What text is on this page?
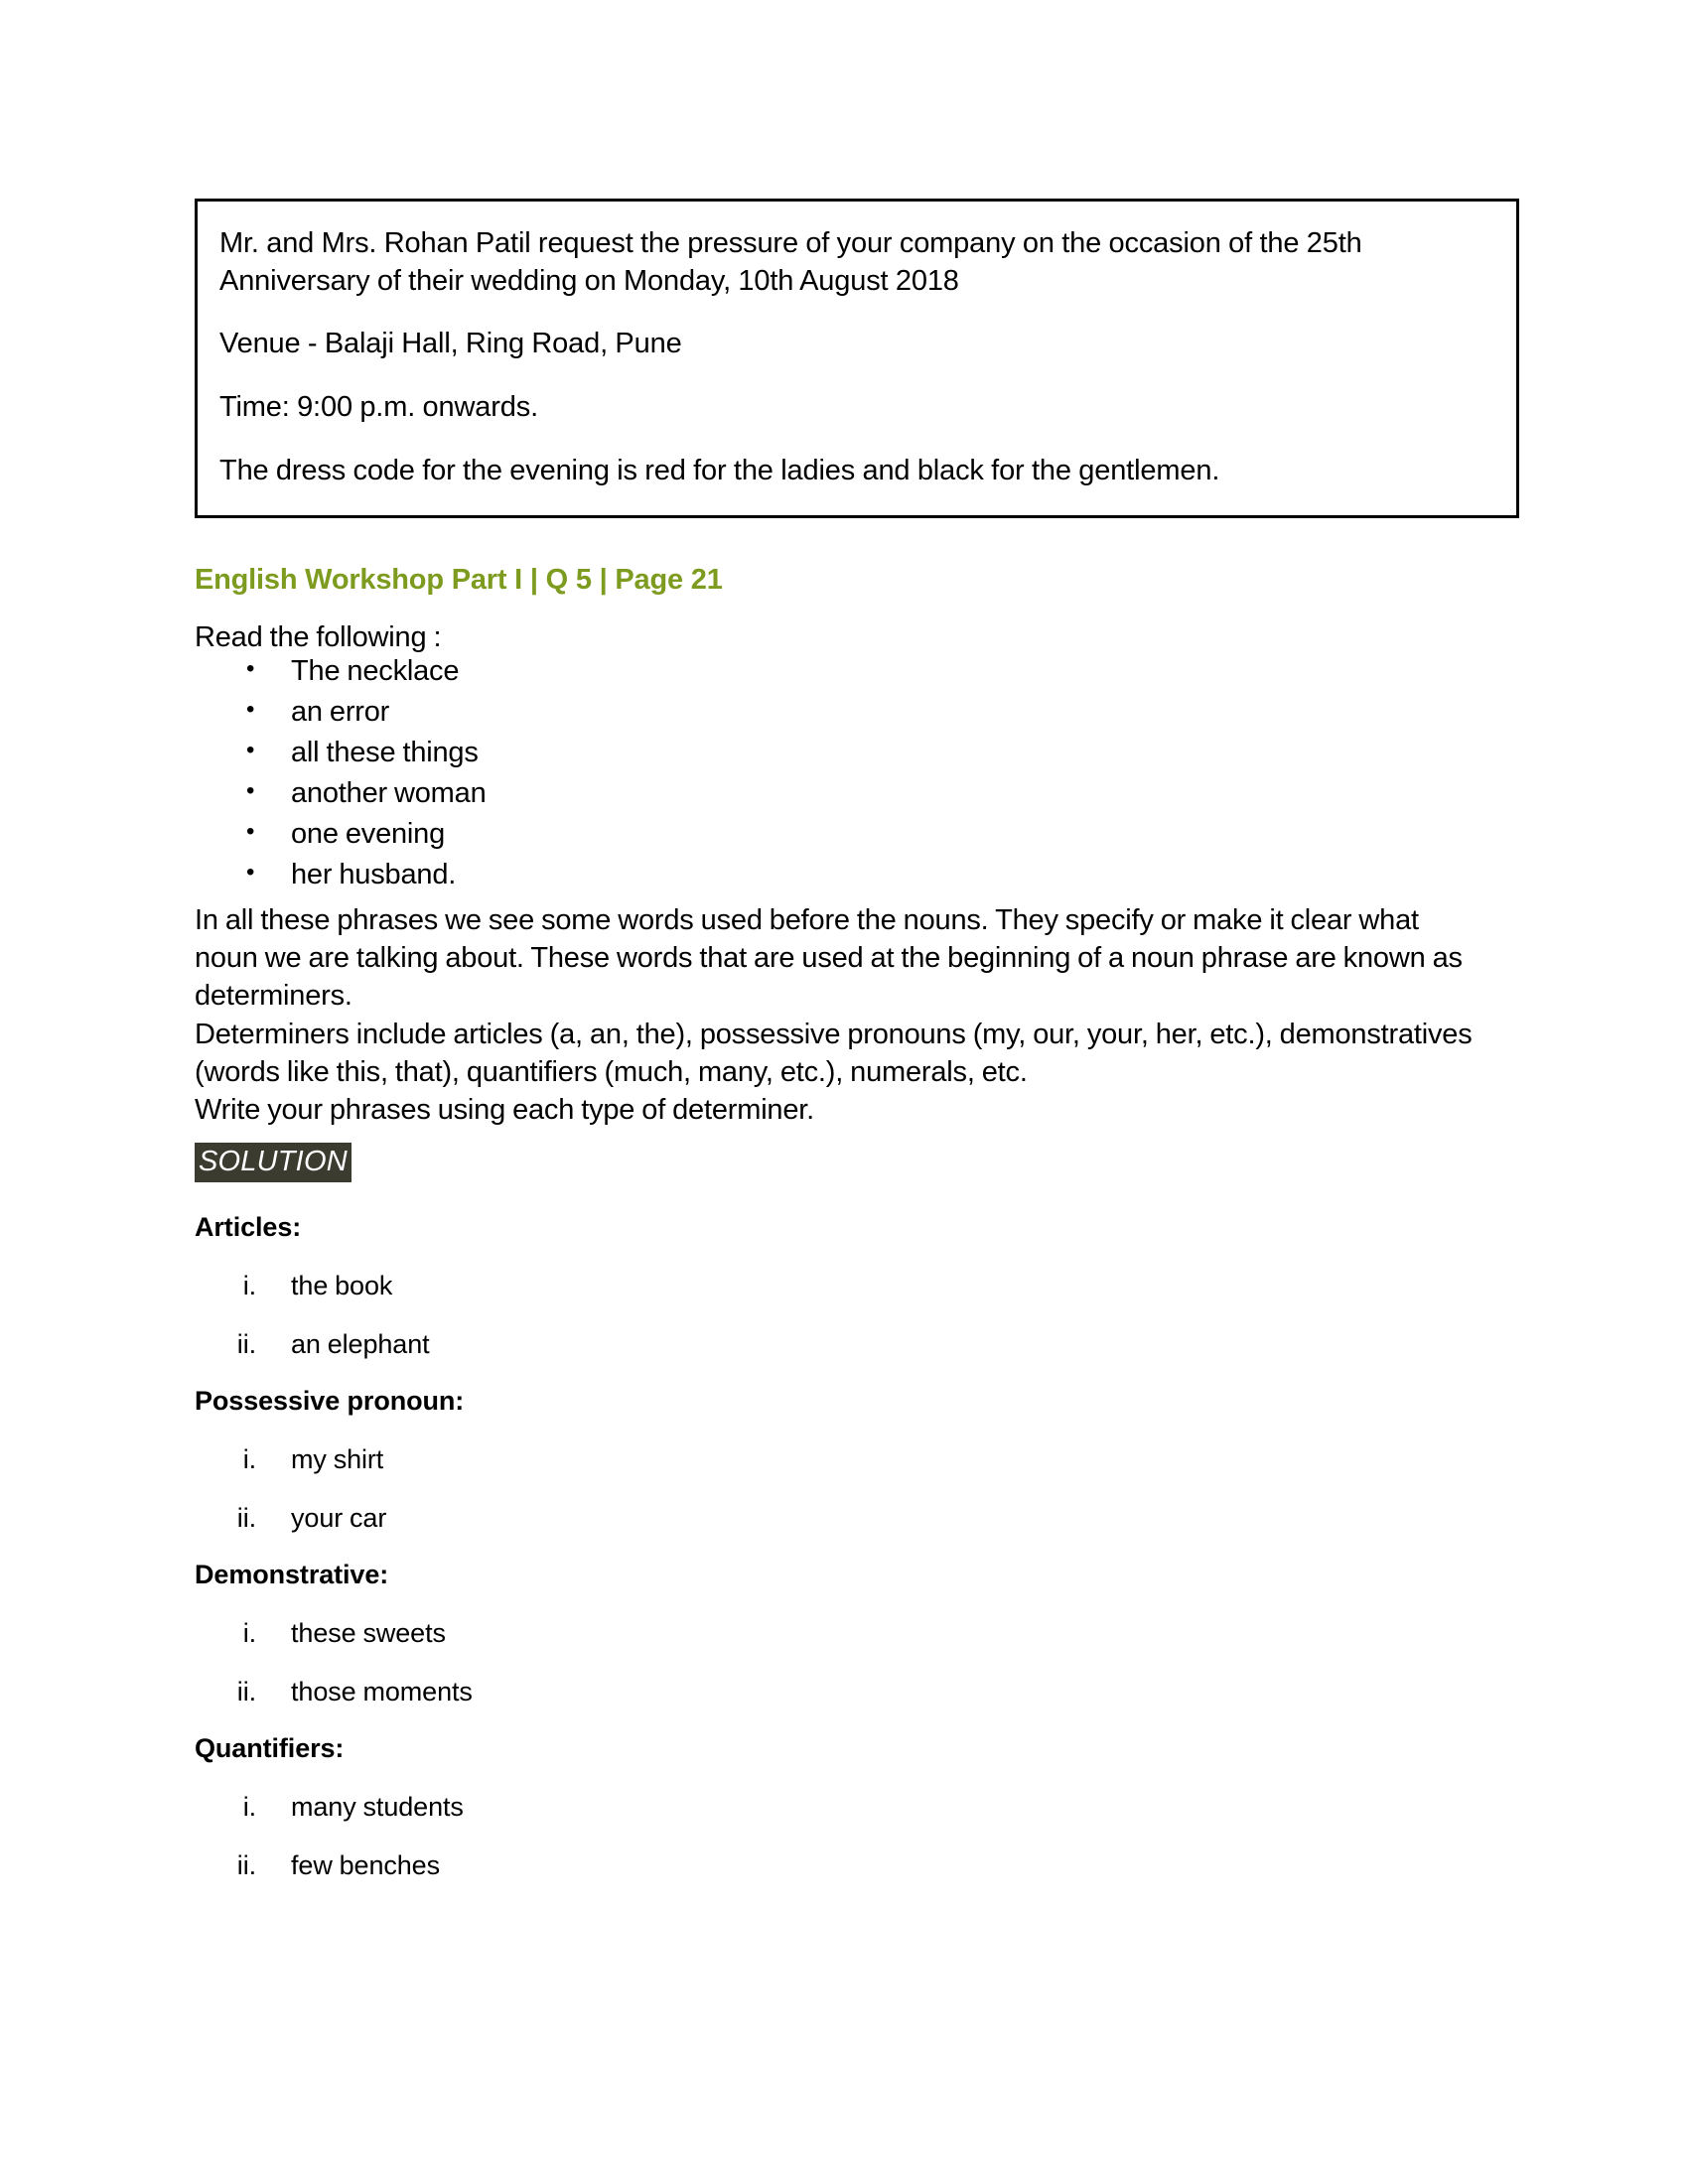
Mr. and Mrs. Rohan Patil request the pressure of your company on the occasion of the 25th Anniversary of their wedding on Monday, 10th August 2018

Venue - Balaji Hall, Ring Road, Pune

Time: 9:00 p.m. onwards.

The dress code for the evening is red for the ladies and black for the gentlemen.

English Workshop Part I | Q 5 | Page 21

Read the following :

• The necklace
• an error
• all these things
• another woman
• one evening
• her husband.

In all these phrases we see some words used before the nouns. They specify or make it clear what noun we are talking about. These words that are used at the beginning of a noun phrase are known as determiners.

Determiners include articles (a, an, the), possessive pronouns (my, our, your, her, etc.), demonstratives (words like this, that), quantifiers (much, many, etc.), numerals, etc.

Write your phrases using each type of determiner.

SOLUTION
Articles:
i. the book
ii. an elephant
Possessive pronoun:
i. my shirt
ii. your car
Demonstrative:
i. these sweets
ii. those moments
Quantifiers:
i. many students
ii. few benches
